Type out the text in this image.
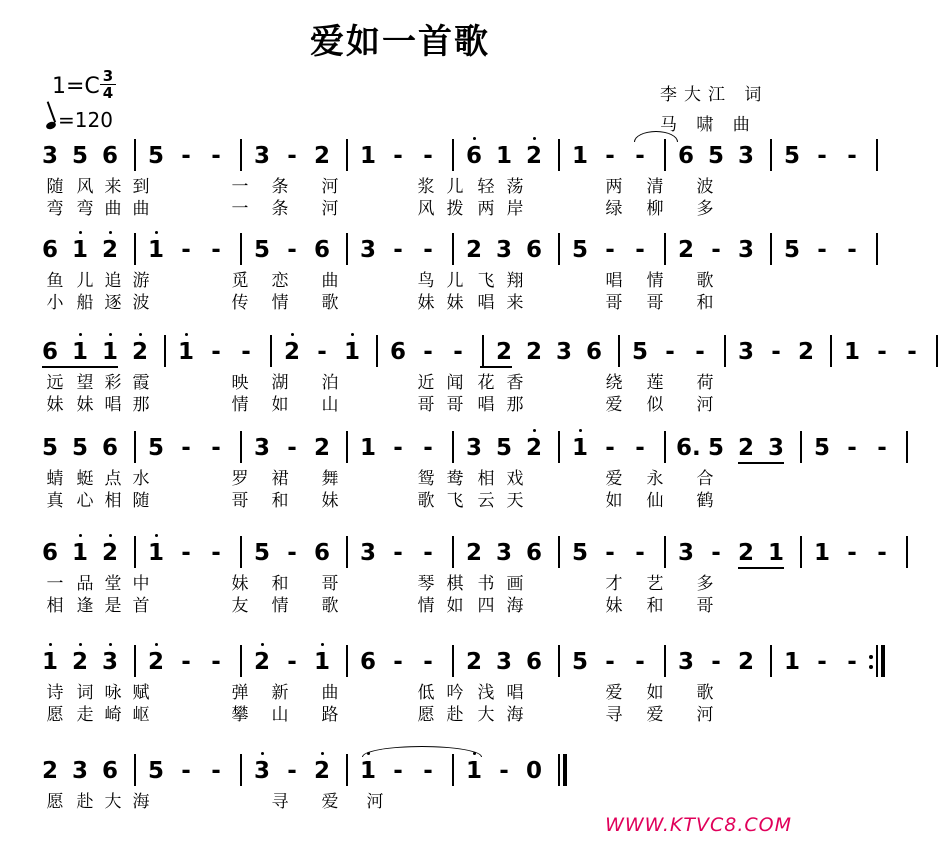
爱如一首歌
1=C 3
4
=120
李大江 词
马 啸 曲
3 5 6 5 - - 3 - 2 1 - - 6 1 2 1 - - 6 5 3 5 - -
随 风 来 到	一 条 河	浆 儿 轻 荡	两 清 波
弯 弯 曲 曲	一 条 河	风 拨 两 岸	绿 柳 多
6 1 2 1 - - 5 - 6 3 - - 2 3 6 5 - - 2 - 3 5 - -
鱼 儿 追 游	觅 恋 曲	鸟 儿 飞 翔	唱 情 歌
小 船 逐 波	传 情 歌	妹 妹 唱 来	哥 哥 和
6 1 1 2 1 - - 2 - 1 6 - - 2 2 3 6 5 - - 3 - 2 1 - -
远 望 彩 霞	映 湖 泊	近 闻 花 香	绕 莲 荷
妹 妹 唱 那	情 如 山	哥 哥 唱 那	爱 似 河
5 5 6 5 - - 3 - 2 1 - - 3 5 2 1 - - 6. 5 2 3 5 - -
蜻 蜓 点 水	罗 裙 舞	鸳 鸯 相 戏	爱 永 合
真 心 相 随	哥 和 妹	歌 飞 云 天	如 仙 鹤
6 1 2 1 - - 5 - 6 3 - - 2 3 6 5 - - 3 - 2 1 1 - -
一 品 堂 中	妹 和 哥	琴 棋 书 画	才 艺 多
相 逢 是 首	友 情 歌	情 如 四 海	妹 和 哥
1 2 3 2 - - 2 - 1 6 - - 2 3 6 5 - - 3 - 2 1 - -
诗 词 咏 赋	弹 新 曲	低 吟 浅 唱	爱 如 歌
愿 走 崎 岖	攀 山 路	愿 赴 大 海	寻 爱 河
2 3 6 5 - - 3 - 2 1 - - 1 - 0
愿 赴 大 海	寻 爱 河
WWW.KTVC8.COM
